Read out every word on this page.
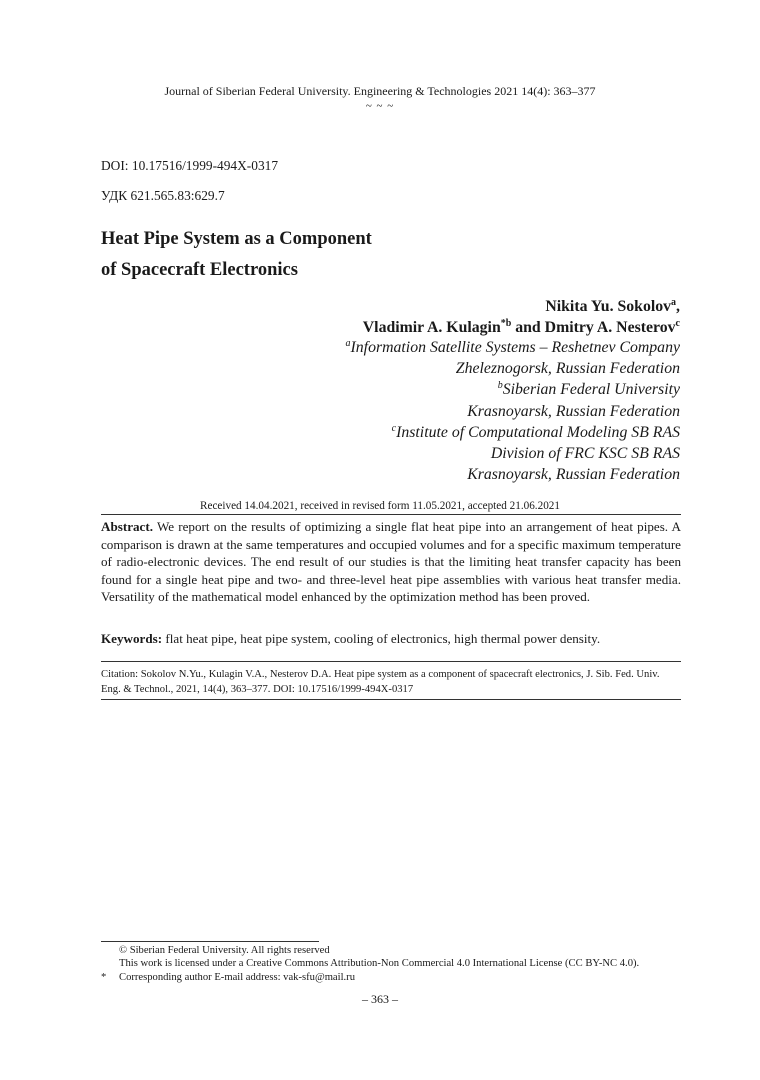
Journal of Siberian Federal University. Engineering & Technologies 2021 14(4): 363–377
~ ~ ~
DOI: 10.17516/1999-494X-0317
УДК 621.565.83:629.7
Heat Pipe System as a Component
of Spacecraft Electronics
Nikita Yu. Sokolov$^a$,
Vladimir A. Kulagin$^{*b}$ and Dmitry A. Nesterov$^c$
$^a$Information Satellite Systems – Reshetnev Company
Zheleznogorsk, Russian Federation
$^b$Siberian Federal University
Krasnoyarsk, Russian Federation
$^c$Institute of Computational Modeling SB RAS
Division of FRC KSC SB RAS
Krasnoyarsk, Russian Federation
Received 14.04.2021, received in revised form 11.05.2021, accepted 21.06.2021
Abstract. We report on the results of optimizing a single flat heat pipe into an arrangement of heat pipes. A comparison is drawn at the same temperatures and occupied volumes and for a specific maximum temperature of radio-electronic devices. The end result of our studies is that the limiting heat transfer capacity has been found for a single heat pipe and two- and three-level heat pipe assemblies with various heat transfer media. Versatility of the mathematical model enhanced by the optimization method has been proved.
Keywords: flat heat pipe, heat pipe system, cooling of electronics, high thermal power density.
Citation: Sokolov N.Yu., Kulagin V.A., Nesterov D.A. Heat pipe system as a component of spacecraft electronics, J. Sib. Fed. Univ. Eng. & Technol., 2021, 14(4), 363–377. DOI: 10.17516/1999-494X-0317
© Siberian Federal University. All rights reserved
This work is licensed under a Creative Commons Attribution-Non Commercial 4.0 International License (CC BY-NC 4.0).
* Corresponding author E-mail address: vak-sfu@mail.ru
– 363 –
